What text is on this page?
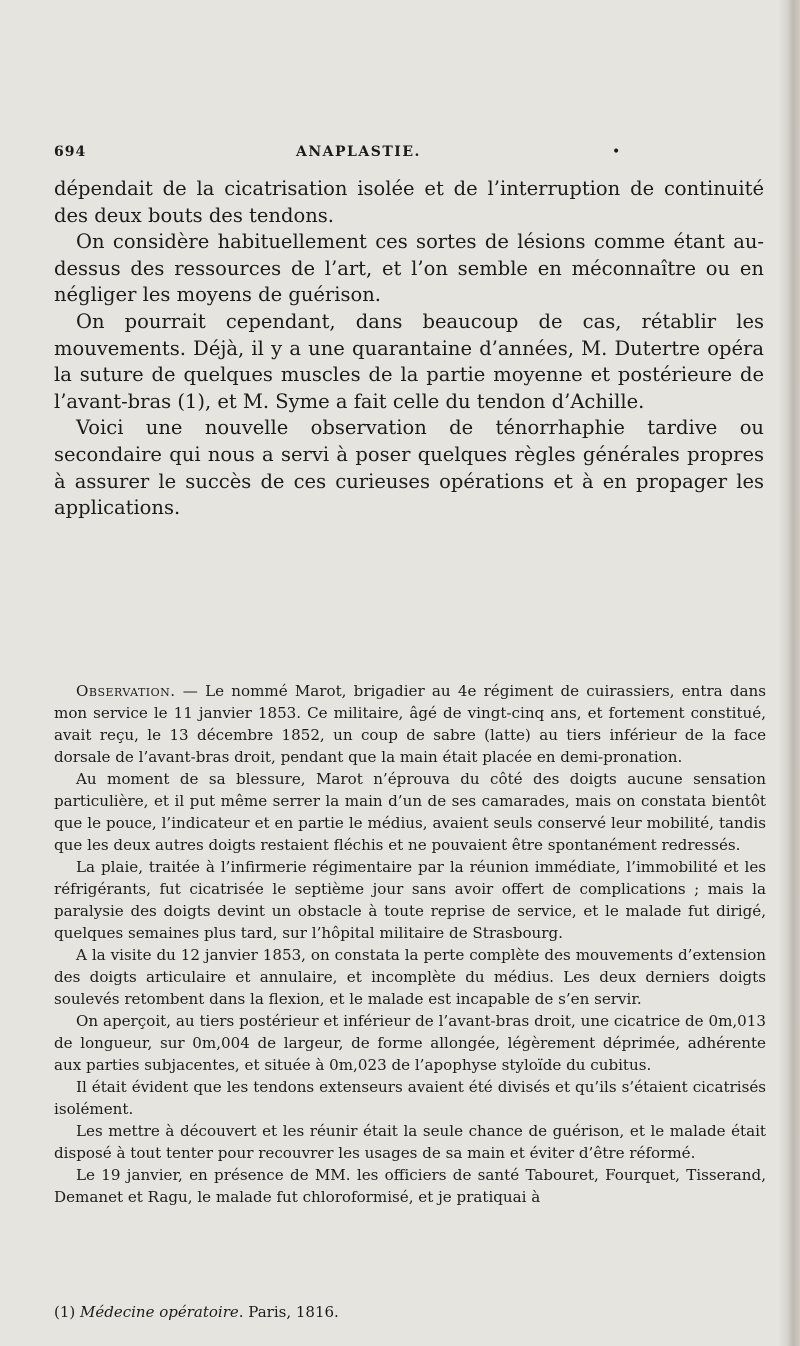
694	ANAPLASTIE.	•

dépendait de la cicatrisation isolée et de l’interruption de continuité des deux bouts des tendons.

On considère habituellement ces sortes de lésions comme étant au-dessus des ressources de l’art, et l’on semble en méconnaître ou en négliger les moyens de guérison.

On pourrait cependant, dans beaucoup de cas, rétablir les mouvements. Déjà, il y a une quarantaine d’années, M. Dutertre opéra la suture de quelques muscles de la partie moyenne et postérieure de l’avant-bras (1), et M. Syme a fait celle du tendon d’Achille.

Voici une nouvelle observation de ténorrhaphie tardive ou secondaire qui nous a servi à poser quelques règles générales propres à assurer le succès de ces curieuses opérations et à en propager les applications.

Observation. — Le nommé Marot, brigadier au 4e régiment de cuirassiers, entra dans mon service le 11 janvier 1853. Ce militaire, âgé de vingt-cinq ans, et fortement constitué, avait reçu, le 13 décembre 1852, un coup de sabre (latte) au tiers inférieur de la face dorsale de l’avant-bras droit, pendant que la main était placée en demi-pronation.

Au moment de sa blessure, Marot n’éprouva du côté des doigts aucune sensation particulière, et il put même serrer la main d’un de ses camarades, mais on constata bientôt que le pouce, l’indicateur et en partie le médius, avaient seuls conservé leur mobilité, tandis que les deux autres doigts restaient fléchis et ne pouvaient être spontanément redressés.

La plaie, traitée à l’infirmerie régimentaire par la réunion immédiate, l’immobilité et les réfrigérants, fut cicatrisée le septième jour sans avoir offert de complications ; mais la paralysie des doigts devint un obstacle à toute reprise de service, et le malade fut dirigé, quelques semaines plus tard, sur l’hôpital militaire de Strasbourg.

A la visite du 12 janvier 1853, on constata la perte complète des mouvements d’extension des doigts articulaire et annulaire, et incomplète du médius. Les deux derniers doigts soulevés retombent dans la flexion, et le malade est incapable de s’en servir.

On aperçoit, au tiers postérieur et inférieur de l’avant-bras droit, une cicatrice de 0m,013 de longueur, sur 0m,004 de largeur, de forme allongée, légèrement déprimée, adhérente aux parties subjacentes, et située à 0m,023 de l’apophyse styloïde du cubitus.

Il était évident que les tendons extenseurs avaient été divisés et qu’ils s’étaient cicatrisés isolément.

Les mettre à découvert et les réunir était la seule chance de guérison, et le malade était disposé à tout tenter pour recouvrer les usages de sa main et éviter d’être réformé.

Le 19 janvier, en présence de MM. les officiers de santé Tabouret, Fourquet, Tisserand, Demanet et Ragu, le malade fut chloroformisé, et je pratiquai à

(1) Médecine opératoire. Paris, 1816.
